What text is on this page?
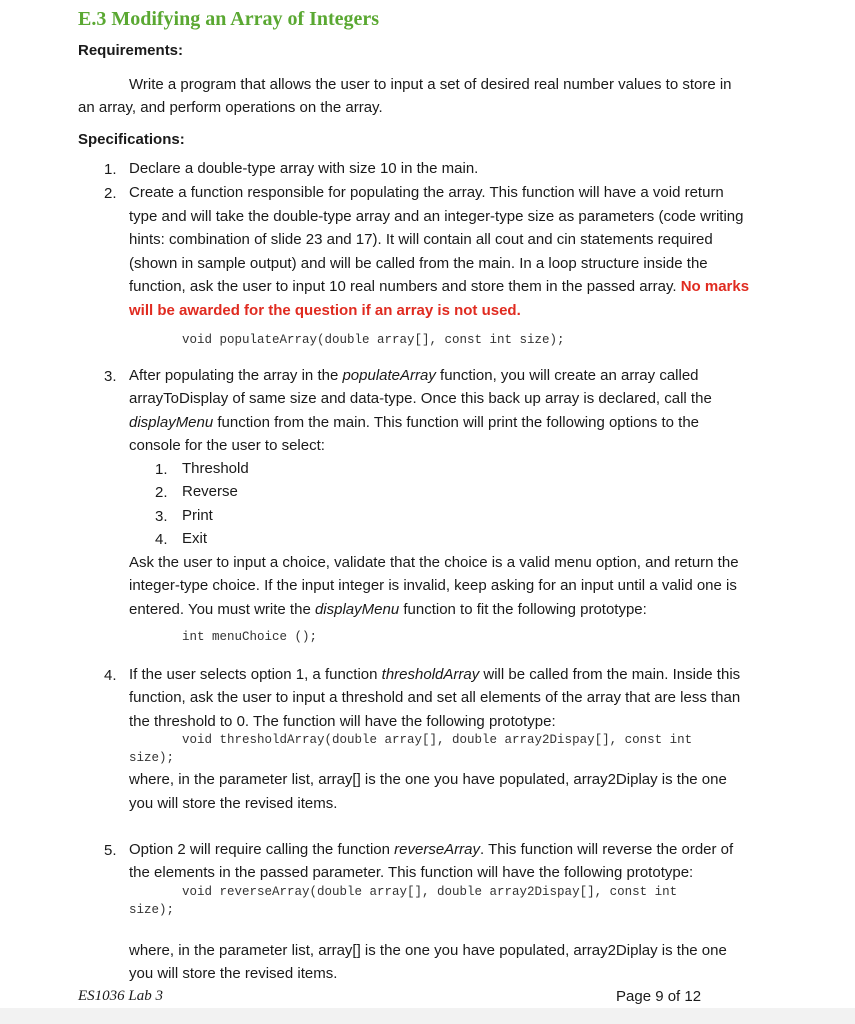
E.3 Modifying an Array of Integers
Requirements:
Write a program that allows the user to input a set of desired real number values to store in
an array, and perform operations on the array.
Specifications:
1. Declare a double-type array with size 10 in the main.
2. Create a function responsible for populating the array. This function will have a void return
type and will take the double-type array and an integer-type size as parameters (code writing
hints: combination of slide 23 and 17). It will contain all cout and cin statements required
(shown in sample output) and will be called from the main. In a loop structure inside the
function, ask the user to input 10 real numbers and store them in the passed array. No marks
will be awarded for the question if an array is not used.
void populateArray(double array[], const int size);
3. After populating the array in the populateArray function, you will create an array called
arrayToDisplay of same size and data-type. Once this back up array is declared, call the
displayMenu function from the main. This function will print the following options to the
console for the user to select:
1. Threshold
2. Reverse
3. Print
4. Exit
Ask the user to input a choice, validate that the choice is a valid menu option, and return the
integer-type choice. If the input integer is invalid, keep asking for an input until a valid one is
entered. You must write the displayMenu function to fit the following prototype:
int menuChoice ();
4. If the user selects option 1, a function thresholdArray will be called from the main. Inside this
function, ask the user to input a threshold and set all elements of the array that are less than
the threshold to 0. The function will have the following prototype:
void thresholdArray(double array[], double array2Dispay[], const int
size);
where, in the parameter list, array[] is the one you have populated, array2Diplay is the one
you will store the revised items.
5. Option 2 will require calling the function reverseArray. This function will reverse the order of
the elements in the passed parameter. This function will have the following prototype:
void reverseArray(double array[], double array2Dispay[], const int
size);
where, in the parameter list, array[] is the one you have populated, array2Diplay is the one
you will store the revised items.
ES1036 Lab 3	Page 9 of 12
